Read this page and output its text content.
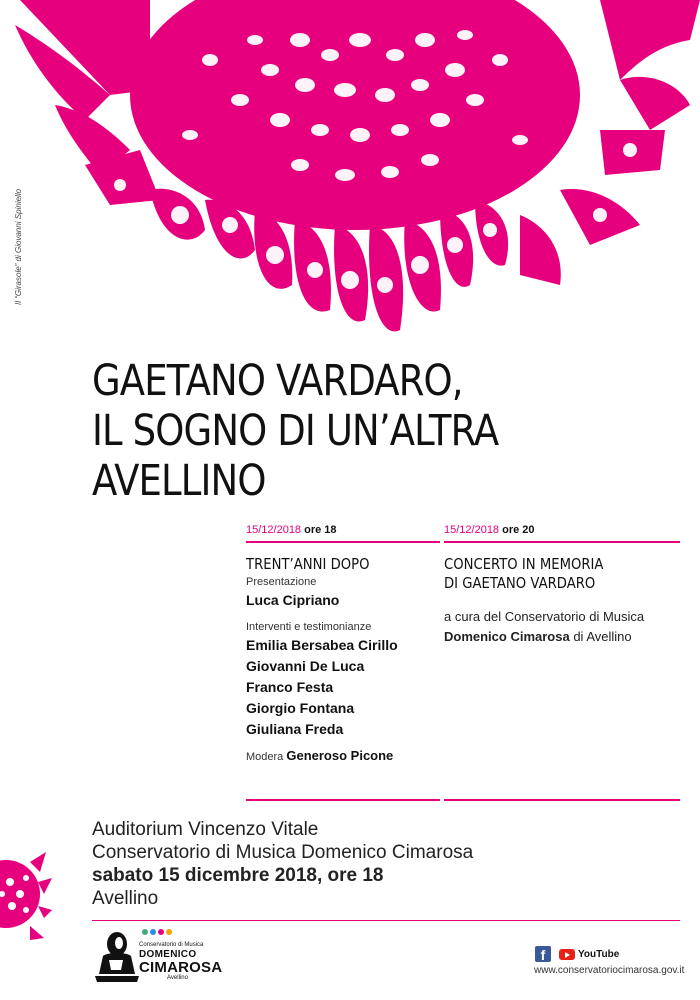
Il “Girasole” di Giovanni Spiniello
GAETANO VARDARO,
IL SOGNO DI UN’ALTRA
AVELLINO
15/12/2018 ore 18
TRENT’ANNI DOPO
Presentazione
Luca Cipriano
Interventi e testimonianze
Emilia Bersabea Cirillo
Giovanni De Luca
Franco Festa
Giorgio Fontana
Giuliana Freda
Modera Generoso Picone
15/12/2018 ore 20
CONCERTO IN MEMORIA
DI GAETANO VARDARO
a cura del Conservatorio di Musica
Domenico Cimarosa di Avellino
Auditorium Vincenzo Vitale
Conservatorio di Musica Domenico Cimarosa
sabato 15 dicembre 2018, ore 18
Avellino
Conservatorio di Musica
DOMENICO
CIMAROSA
Avellino
f	YouTube
www.conservatoriocimarosa.gov.it
